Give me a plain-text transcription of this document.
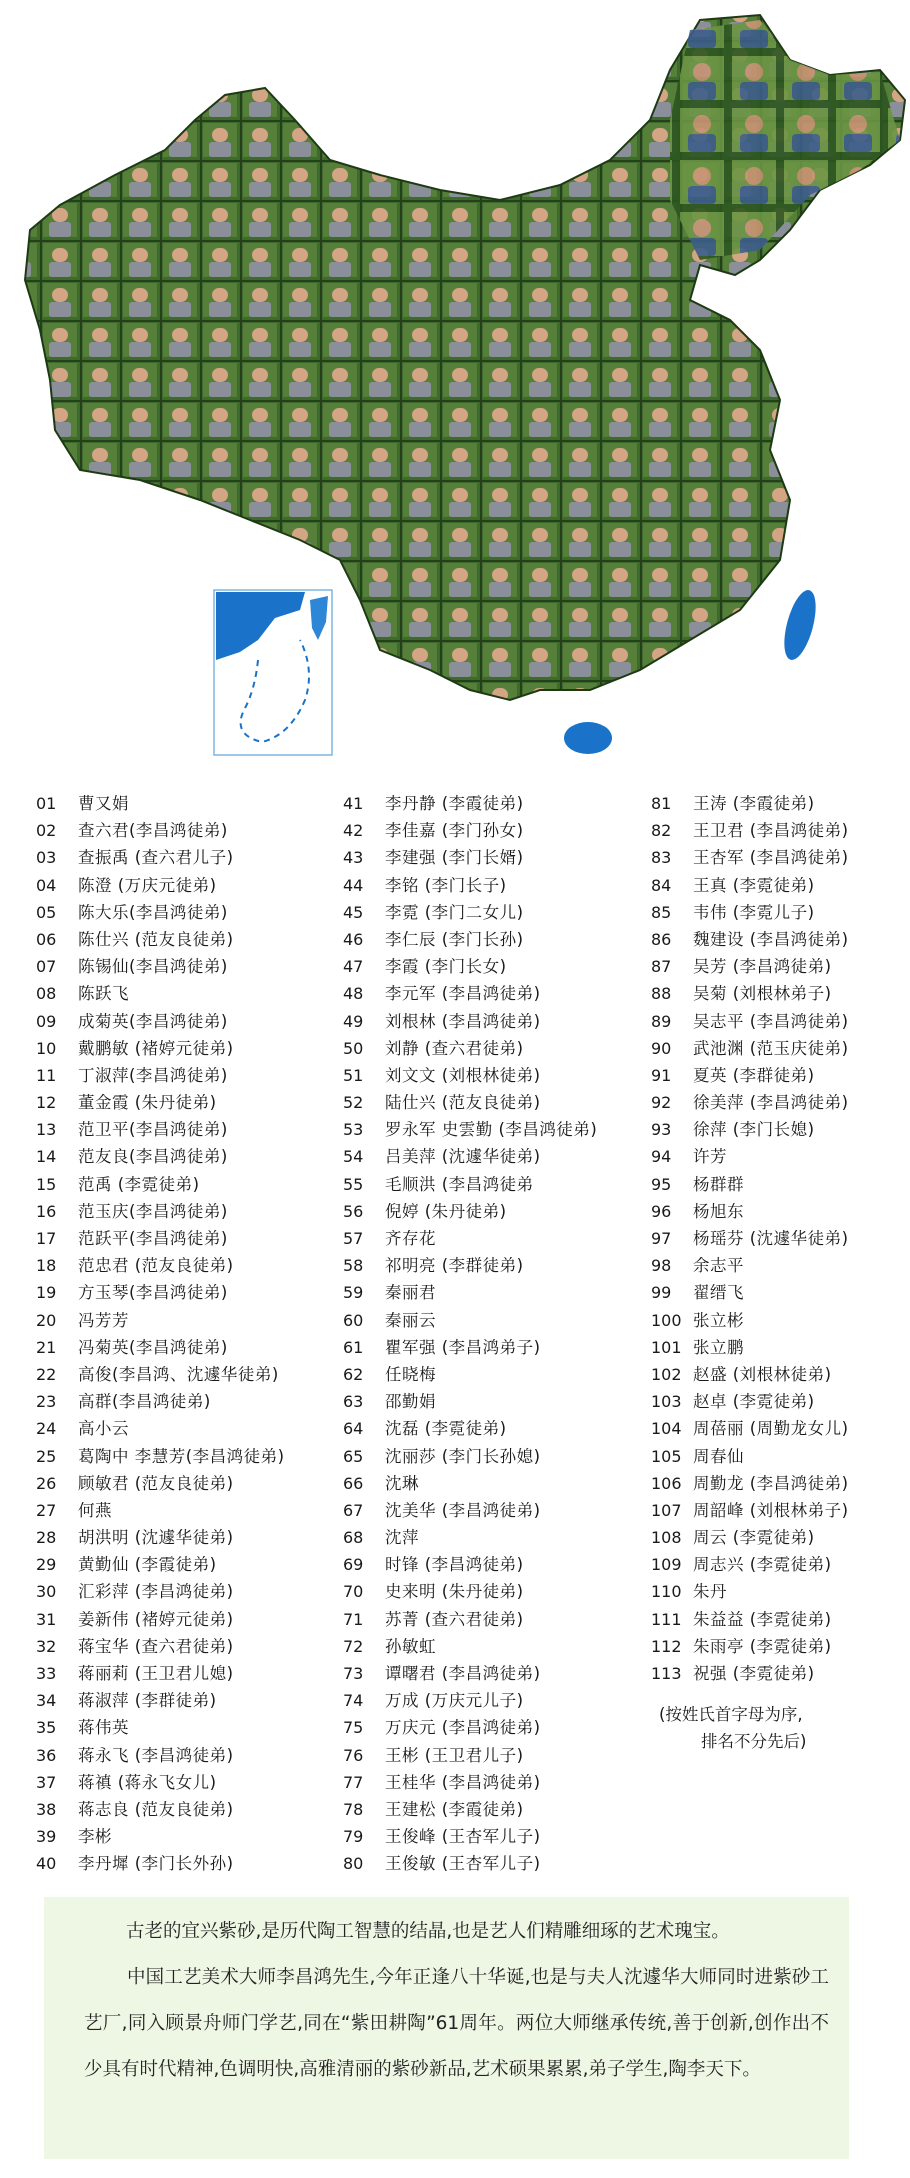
01 曹又娟
02 查六君(李昌鸿徒弟)
03 查振禹 (查六君儿子)
04 陈澄 (万庆元徒弟)
05 陈大乐(李昌鸿徒弟)
06 陈仕兴 (范友良徒弟)
07 陈锡仙(李昌鸿徒弟)
08 陈跃飞
09 成菊英(李昌鸿徒弟)
10 戴鹏敏 (褚婷元徒弟)
11 丁淑萍(李昌鸿徒弟)
12 董金霞 (朱丹徒弟)
13 范卫平(李昌鸿徒弟)
14 范友良(李昌鸿徒弟)
15 范禹 (李霓徒弟)
16 范玉庆(李昌鸿徒弟)
17 范跃平(李昌鸿徒弟)
18 范忠君 (范友良徒弟)
19 方玉琴(李昌鸿徒弟)
20 冯芳芳
21 冯菊英(李昌鸿徒弟)
22 高俊(李昌鸿、沈遽华徒弟)
23 高群(李昌鸿徒弟)
24 高小云
25 葛陶中 李慧芳(李昌鸿徒弟)
26 顾敏君 (范友良徒弟)
27 何燕
28 胡洪明 (沈遽华徒弟)
29 黄勤仙 (李霞徒弟)
30 汇彩萍 (李昌鸿徒弟)
31 姜新伟 (褚婷元徒弟)
32 蒋宝华 (查六君徒弟)
33 蒋丽莉 (王卫君儿媳)
34 蒋淑萍 (李群徒弟)
35 蒋伟英
36 蒋永飞 (李昌鸿徒弟)
37 蒋禛 (蒋永飞女儿)
38 蒋志良 (范友良徒弟)
39 李彬
40 李丹墀 (李门长外孙)
41 李丹静 (李霞徒弟)
42 李佳嘉 (李门孙女)
43 李建强 (李门长婿)
44 李铭 (李门长子)
45 李霓 (李门二女儿)
46 李仁辰 (李门长孙)
47 李霞 (李门长女)
48 李元军 (李昌鸿徒弟)
49 刘根林 (李昌鸿徒弟)
50 刘静 (查六君徒弟)
51 刘文文 (刘根林徒弟)
52 陆仕兴 (范友良徒弟)
53 罗永军 史雲勤 (李昌鸿徒弟)
54 吕美萍 (沈遽华徒弟)
55 毛顺洪 (李昌鸿徒弟
56 倪婷 (朱丹徒弟)
57 齐存花
58 祁明亮 (李群徒弟)
59 秦丽君
60 秦丽云
61 瞿军强 (李昌鸿弟子)
62 任晓梅
63 邵勤娟
64 沈磊 (李霓徒弟)
65 沈丽莎 (李门长孙媳)
66 沈琳
67 沈美华 (李昌鸿徒弟)
68 沈萍
69 时锋 (李昌鸿徒弟)
70 史来明 (朱丹徒弟)
71 苏菁 (查六君徒弟)
72 孙敏虹
73 谭曙君 (李昌鸿徒弟)
74 万成 (万庆元儿子)
75 万庆元 (李昌鸿徒弟)
76 王彬 (王卫君儿子)
77 王桂华 (李昌鸿徒弟)
78 王建松 (李霞徒弟)
79 王俊峰 (王杏军儿子)
80 王俊敏 (王杏军儿子)
81 王涛 (李霞徒弟)
82 王卫君 (李昌鸿徒弟)
83 王杏军 (李昌鸿徒弟)
84 王真 (李霓徒弟)
85 韦伟 (李霓儿子)
86 魏建设 (李昌鸿徒弟)
87 吴芳 (李昌鸿徒弟)
88 吴菊 (刘根林弟子)
89 吴志平 (李昌鸿徒弟)
90 武池渊 (范玉庆徒弟)
91 夏英 (李群徒弟)
92 徐美萍 (李昌鸿徒弟)
93 徐萍 (李门长媳)
94 许芳
95 杨群群
96 杨旭东
97 杨瑶芬 (沈遽华徒弟)
98 余志平
99 翟缙飞
100 张立彬
101 张立鹏
102 赵盛 (刘根林徒弟)
103 赵卓 (李霓徒弟)
104 周蓓丽 (周勤龙女儿)
105 周春仙
106 周勤龙 (李昌鸿徒弟)
107 周韶峰 (刘根林弟子)
108 周云 (李霓徒弟)
109 周志兴 (李霓徒弟)
110 朱丹
111 朱益益 (李霓徒弟)
112 朱雨亭 (李霓徒弟)
113 祝强 (李霓徒弟)
(按姓氏首字母为序,
排名不分先后)

古老的宜兴紫砂,是历代陶工智慧的结晶,也是艺人们精雕细琢的艺术瑰宝。

中国工艺美术大师李昌鸿先生,今年正逢八十华诞,也是与夫人沈遽华大师同时进紫砂工艺厂,同入顾景舟师门学艺,同在“紫田耕陶”61周年。两位大师继承传统,善于创新,创作出不少具有时代精神,色调明快,高雅清丽的紫砂新品,艺术硕果累累,弟子学生,陶李天下。
